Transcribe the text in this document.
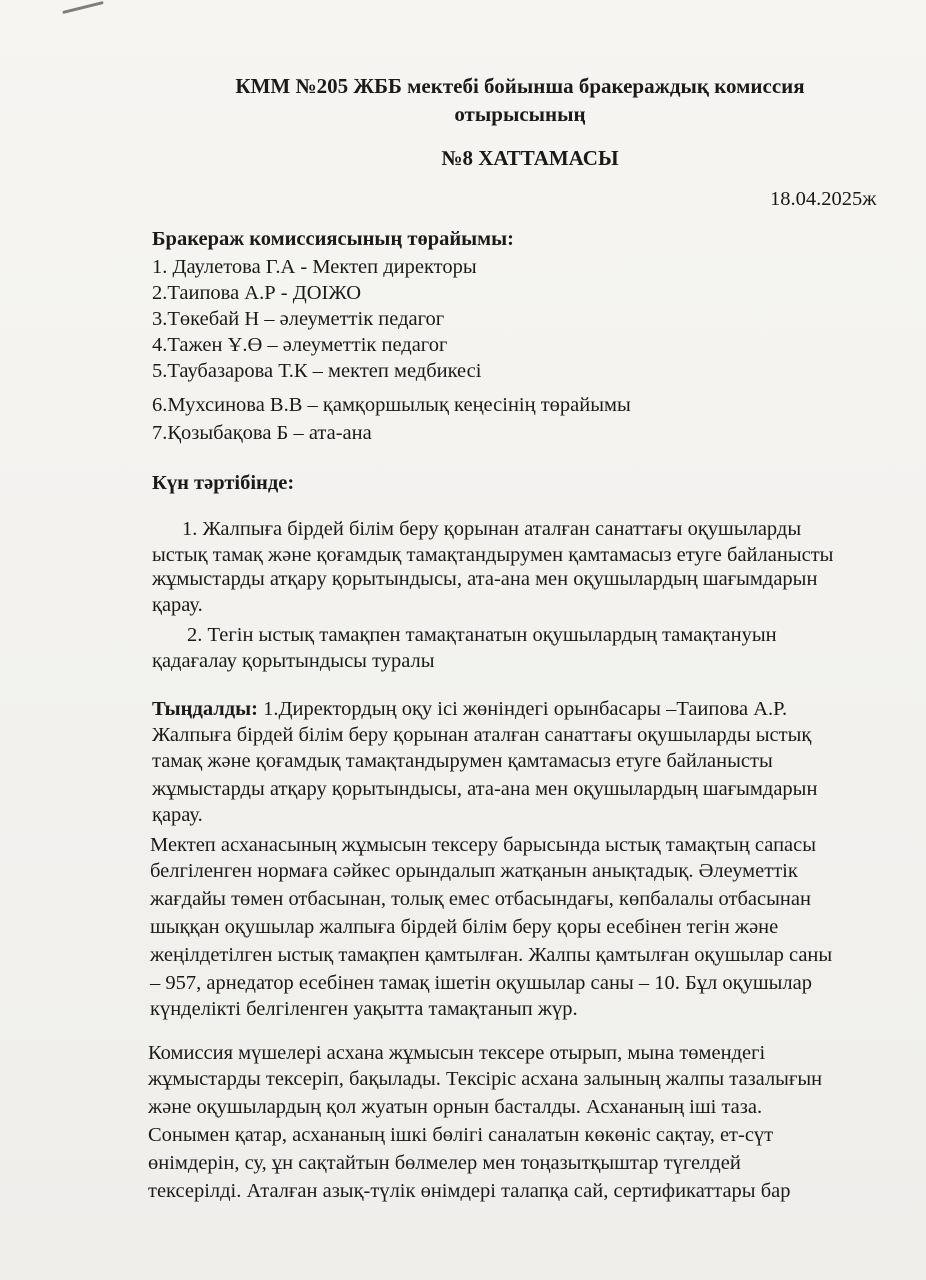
КММ №205 ЖББ мектебі бойынша бракераждық комиссия
отырысының
№8 ХАТТАМАСЫ
18.04.2025ж
Бракераж комиссиясының төрайымы:
1. Даулетова Г.А - Мектеп директоры
2.Таипова А.Р - ДОІЖО
3.Төкебай Н – әлеуметтік педагог
4.Тажен Ұ.Ө – әлеуметтік педагог
5.Таубазарова Т.К – мектеп медбикесі
6.Мухсинова В.В – қамқоршылық кеңесінің төрайымы
7.Қозыбақова Б – ата-ана
Күн тәртібінде:
1. Жалпыға бірдей білім беру қорынан аталған санаттағы оқушыларды
ыстық тамақ және қоғамдық тамақтандырумен қамтамасыз етуге байланысты
жұмыстарды атқару қорытындысы, ата-ана мен оқушылардың шағымдарын
қарау.
2. Тегін ыстық тамақпен тамақтанатын оқушылардың тамақтануын
қадағалау қорытындысы туралы
Тыңдалды: 1.Директордың оқу ісі жөніндегі орынбасары –Таипова А.Р.
Жалпыға бірдей білім беру қорынан аталған санаттағы оқушыларды ыстық
тамақ және қоғамдық тамақтандырумен қамтамасыз етуге байланысты
жұмыстарды атқару қорытындысы, ата-ана мен оқушылардың шағымдарын
қарау.
Мектеп асханасының жұмысын тексеру барысында ыстық тамақтың сапасы
белгіленген нормаға сәйкес орындалып жатқанын анықтадық. Әлеуметтік
жағдайы төмен отбасынан, толық емес отбасындағы, көпбалалы отбасынан
шыққан оқушылар жалпыға бірдей білім беру қоры есебінен тегін және
жеңілдетілген ыстық тамақпен қамтылған. Жалпы қамтылған оқушылар саны
– 957, арнедатор есебінен тамақ ішетін оқушылар саны – 10. Бұл оқушылар
күнделікті белгіленген уақытта тамақтанып жүр.
Комиссия мүшелері асхана жұмысын тексере отырып, мына төмендегі
жұмыстарды тексеріп, бақылады. Тексіріс асхана залының жалпы тазалығын
және оқушылардың қол жуатын орнын басталды. Асхананың іші таза.
Сонымен қатар, асхананың ішкі бөлігі саналатын көкөніс сақтау, ет-сүт
өнімдерін, су, ұн сақтайтын бөлмелер мен тоңазытқыштар түгелдей
тексерілді. Аталған азық-түлік өнімдері талапқа сай, сертификаттары бар
